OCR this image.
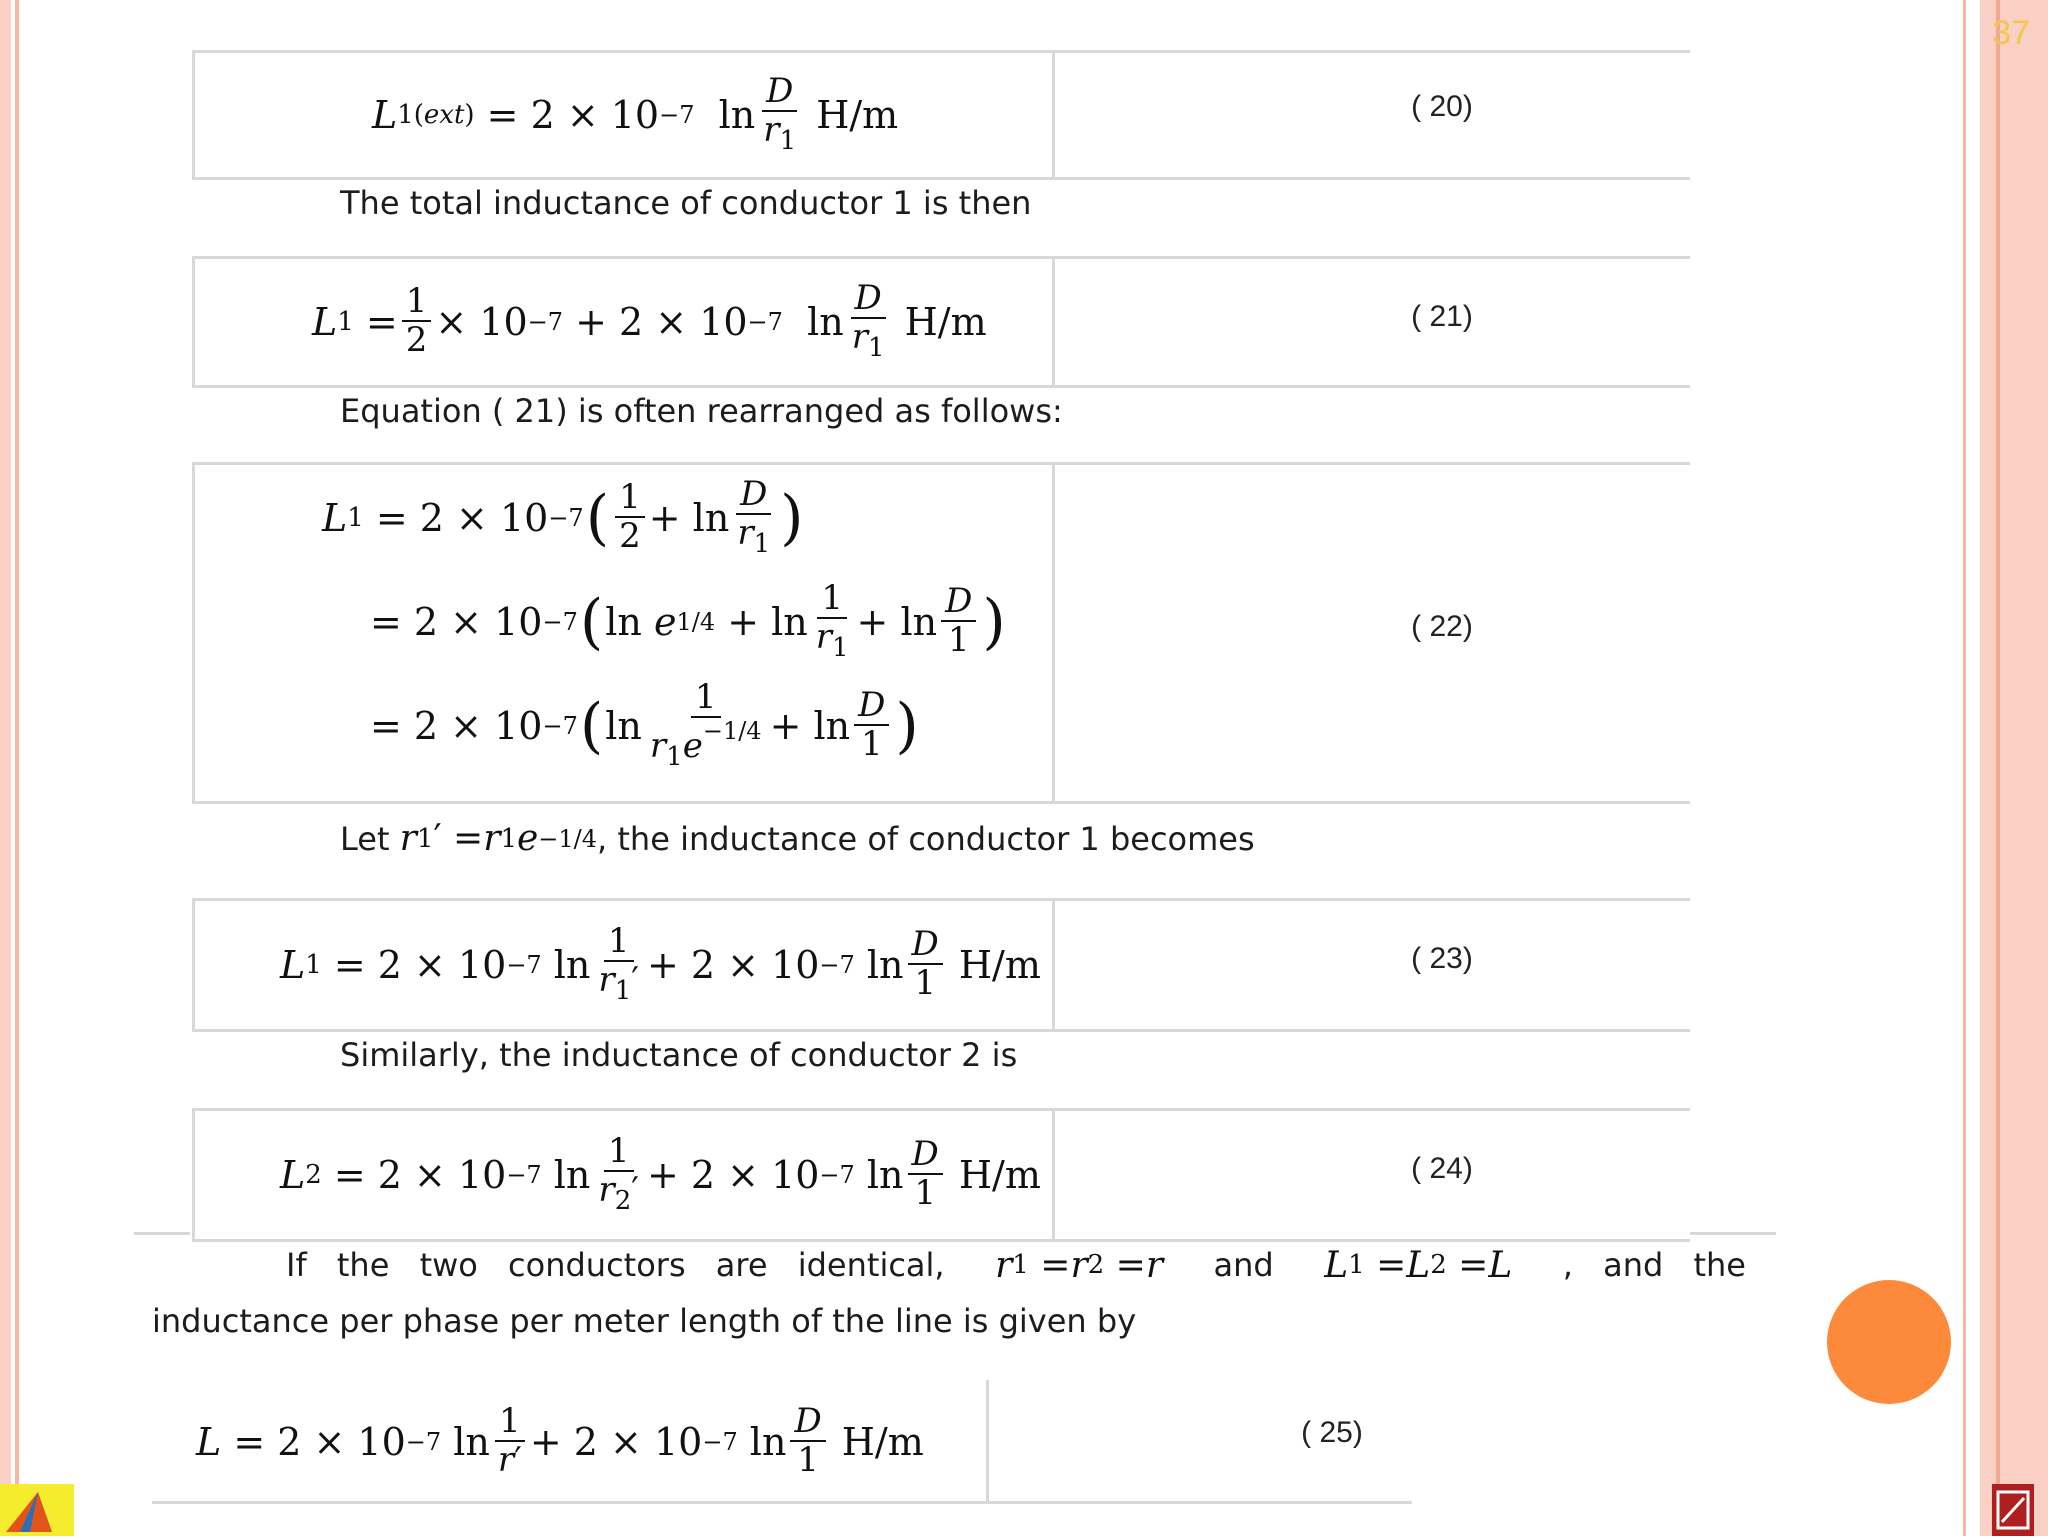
37
L 1(ext) = 2 × 10 −7 $\ln \frac{D}{r_1}$
H/m	( 20)
The total inductance of conductor 1 is then
L $1 = \frac{1}{2} \times 10 -7 + 2 \times 10 -7$ $\ln \frac{D}{r_1}$
H/m	( 21)
Equation ( 21) is often rearranged as follows:
L 1 = 2 × 10 −7 ( $\frac{1}{2} + \ln \frac{D}{r_1}$ )
= 2 × 10 −7 ( ln e $1/4 + \ln \frac{1}{r_1} + \ln \frac{D}{1}$ )
= 2 × 10 −7 ( $\ln \frac{1}{r_1e^{-1/4}} + \ln \frac{D}{1}$ )
( 22)
Let
r 1 ′ = r 1 e −1/4 , the inductance of conductor 1 becomes
L 1 = 2 × 10 −7 $\ln \frac{1}{r_1'} + 2 \times 10 -7$ $\ln \frac{D}{1}$
H/m	( 23)
Similarly, the inductance of conductor 2 is
L 2 = 2 × 10 −7 $\ln \frac{1}{r_2'} + 2 \times 10 -7$ $\ln \frac{D}{1}$
H/m	( 24)
If the two conductors are identical, r 1 = r 2 = r and L 1 = L 2 = L , and the
inductance per phase per meter length of the line is given by
L = 2 × 10 −7 $\ln \frac{1}{r'} + 2 \times 10 -7$ $\ln \frac{D}{1}$
H/m	( 25)
